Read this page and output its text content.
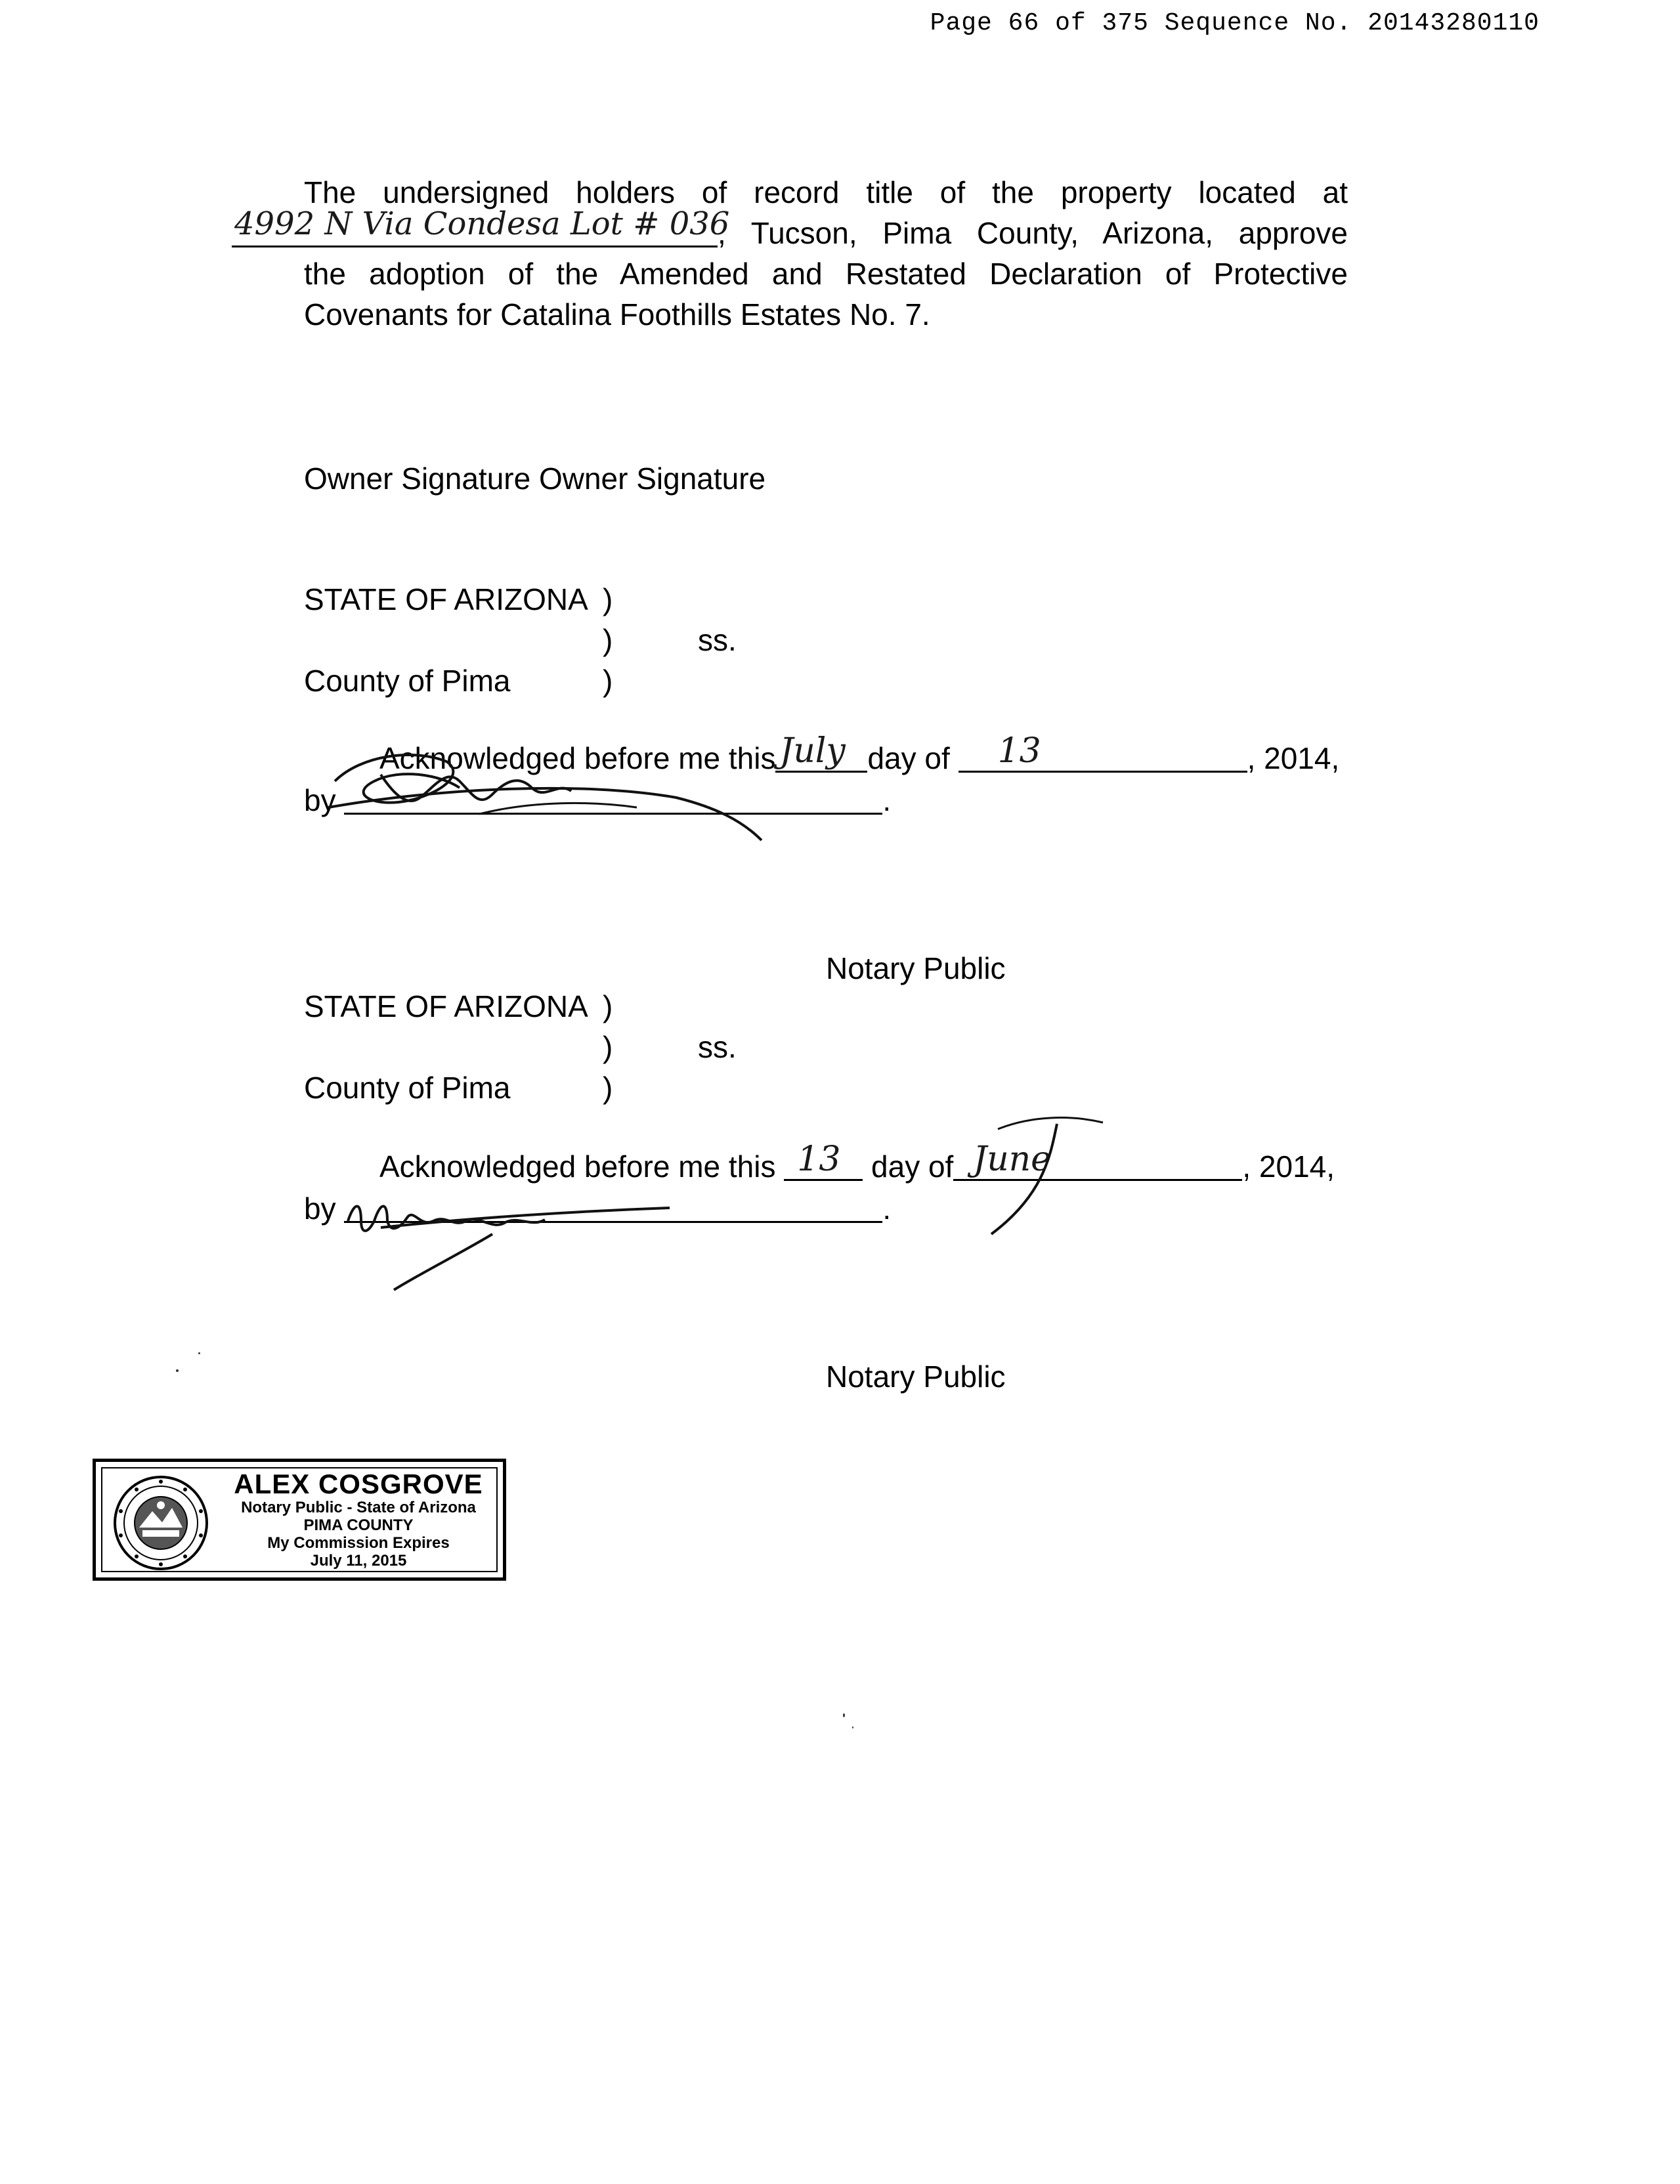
Page 66 of 375 Sequence No. 20143280110
The undersigned holders of record title of the property located at
4992 N Via Condesa Lot # 036
, Tucson, Pima County, Arizona, approve
the adoption of the Amended and Restated Declaration of Protective
Covenants for Catalina Foothills Estates No. 7.
Owner Signature Owner Signature
STATE OF ARIZONA )
)	ss.
County of Pima	)
Acknowledged before me this July day of 13	, 2014,
by	.
Notary Public
STATE OF ARIZONA )
)	ss.
County of Pima	)
Acknowledged before me this 13 day of June	, 2014,
by	.
Notary Public
ALEX COSGROVE
Notary Public - State of Arizona
PIMA COUNTY
My Commission Expires
July 11, 2015
